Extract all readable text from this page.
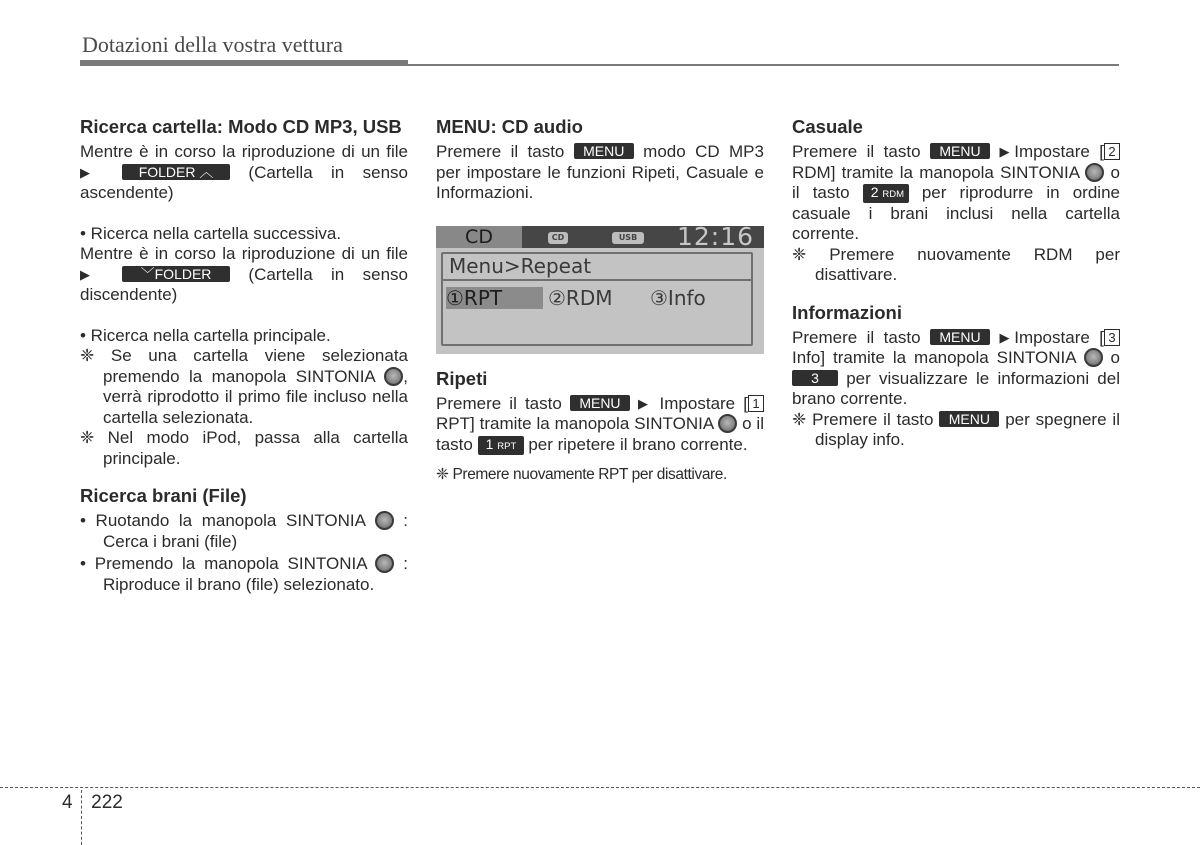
Dotazioni della vostra vettura
Ricerca cartella: Modo CD MP3, USB

Mentre è in corso la riproduzione di un file ▶	FOLDER ︿ (Cartella in senso ascendente)

• Ricerca nella cartella successiva.

Mentre è in corso la riproduzione di un file ▶	﹀FOLDER (Cartella in senso discendente)

• Ricerca nella cartella principale.

❈ Se una cartella viene selezionata premendo la manopola SINTONIA , verrà riprodotto il primo file incluso nella cartella selezionata.

❈ Nel modo iPod, passa alla cartella principale.

Ricerca brani (File)

• Ruotando la manopola SINTONIA : Cerca i brani (file)

• Premendo la manopola SINTONIA : Riproduce il brano (file) selezionato.

MENU: CD audio

Premere il tasto MENU modo CD MP3 per impostare le funzioni Ripeti, Casuale e Informazioni.

CD	CD	USB 12:16
Menu>Repeat
①RPT	②RDM ③Info
Ripeti

Premere il tasto MENU ▶ Impostare [ 1 RPT] tramite la manopola SINTONIA o il tasto 1 RPT per ripetere il brano corrente.

❈ Premere nuovamente RPT per disattivare.

Casuale

Premere il tasto MENU ▶Impostare [ 2 RDM] tramite la manopola SINTONIA o il tasto 2 RDM per riprodurre in ordine casuale i brani inclusi nella cartella corrente.

❈ Premere nuovamente RDM per disattivare.

Informazioni

Premere il tasto MENU ▶Impostare [ 3 Info] tramite la manopola SINTONIA o 3 per visualizzare le informazioni del brano corrente.

❈ Premere il tasto MENU per spegnere il display info.

4 222
